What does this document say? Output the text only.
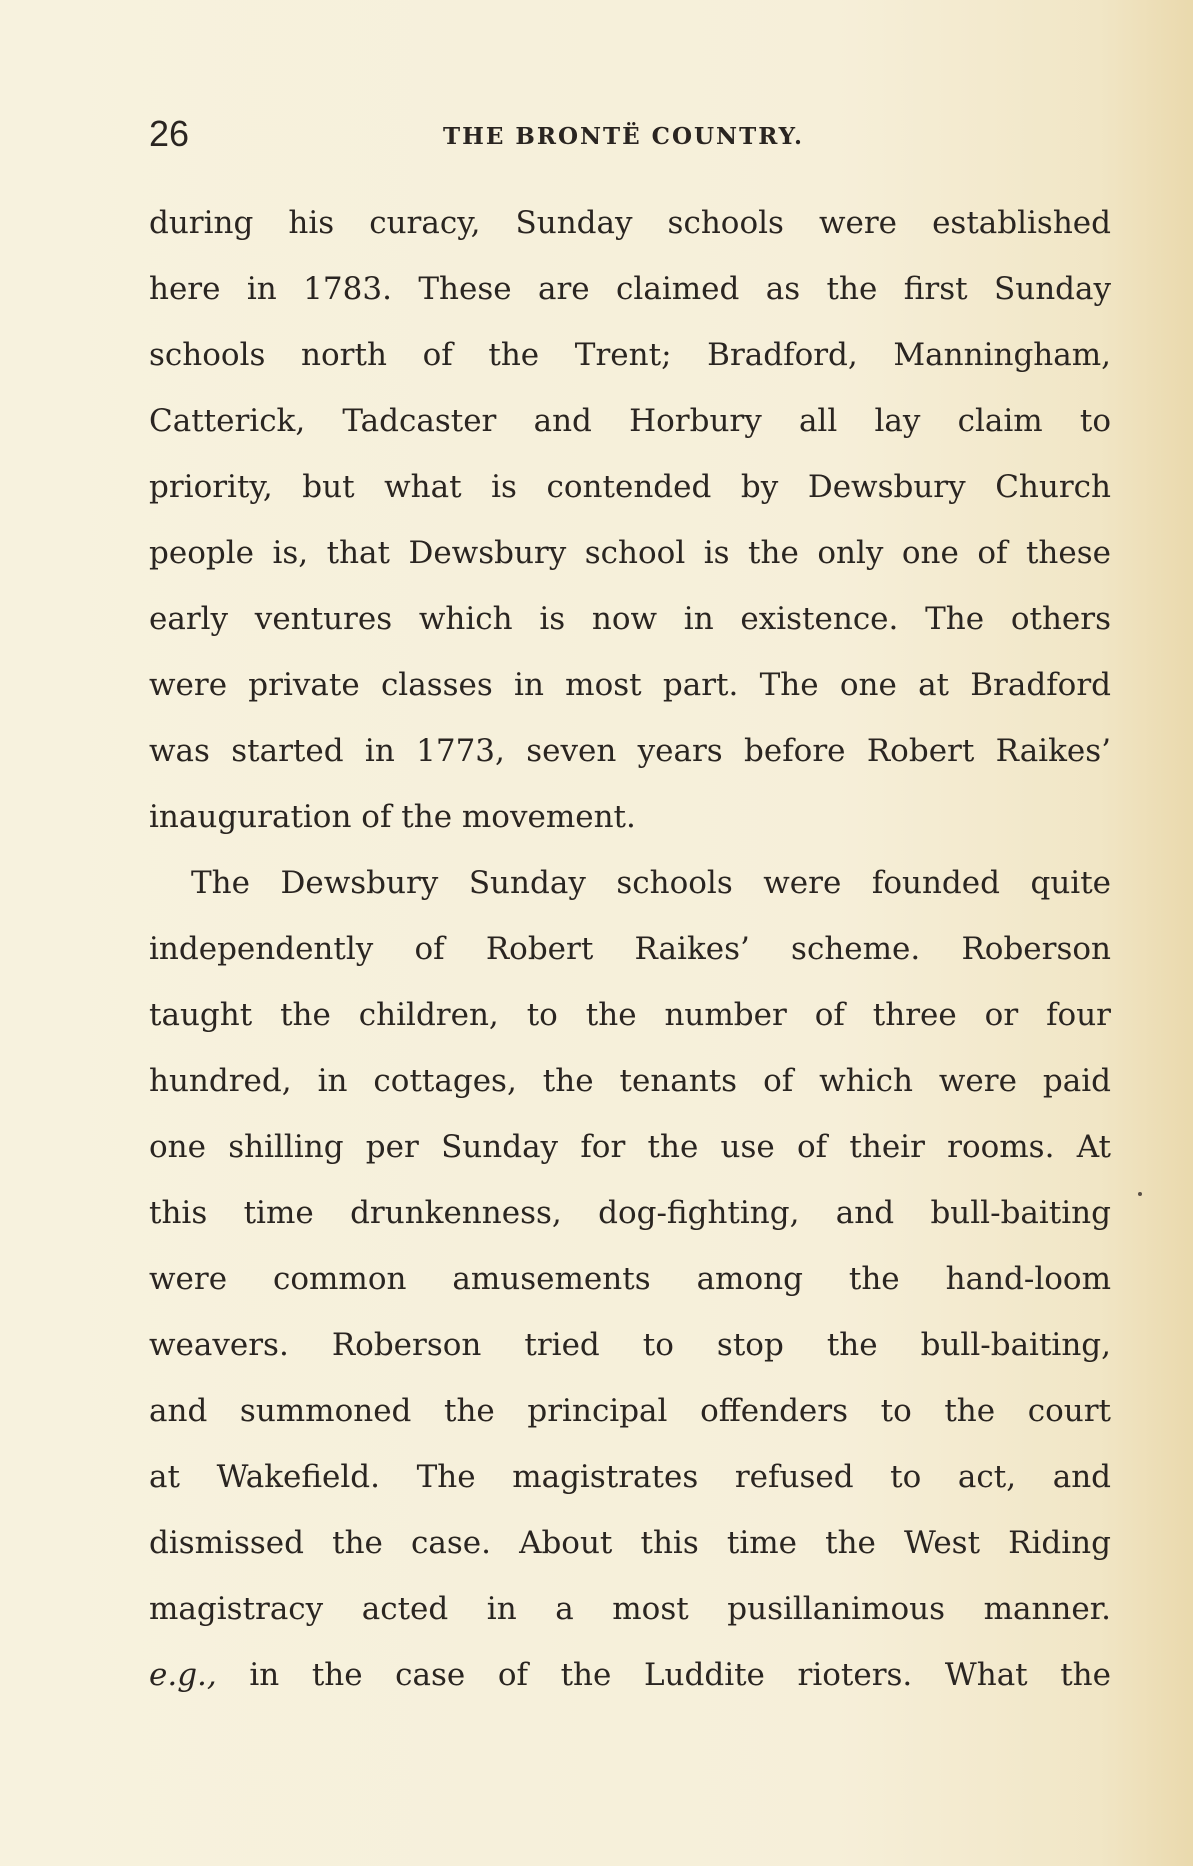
26	THE BRONTË COUNTRY.
during his curacy, Sunday schools were established
here in 1783. These are claimed as the first Sunday
schools north of the Trent; Bradford, Manningham,
Catterick, Tadcaster and Horbury all lay claim to
priority, but what is contended by Dewsbury Church
people is, that Dewsbury school is the only one of these
early ventures which is now in existence. The others
were private classes in most part. The one at Bradford
was started in 1773, seven years before Robert Raikes’
inauguration of the movement.
The Dewsbury Sunday schools were founded quite
independently of Robert Raikes’ scheme. Roberson
taught the children, to the number of three or four
hundred, in cottages, the tenants of which were paid
one shilling per Sunday for the use of their rooms. At
this time drunkenness, dog-fighting, and bull-baiting
were common amusements among the hand-loom
weavers. Roberson tried to stop the bull-baiting,
and summoned the principal offenders to the court
at Wakefield. The magistrates refused to act, and
dismissed the case. About this time the West Riding
magistracy acted in a most pusillanimous manner.
e.g., in the case of the Luddite rioters. What the
